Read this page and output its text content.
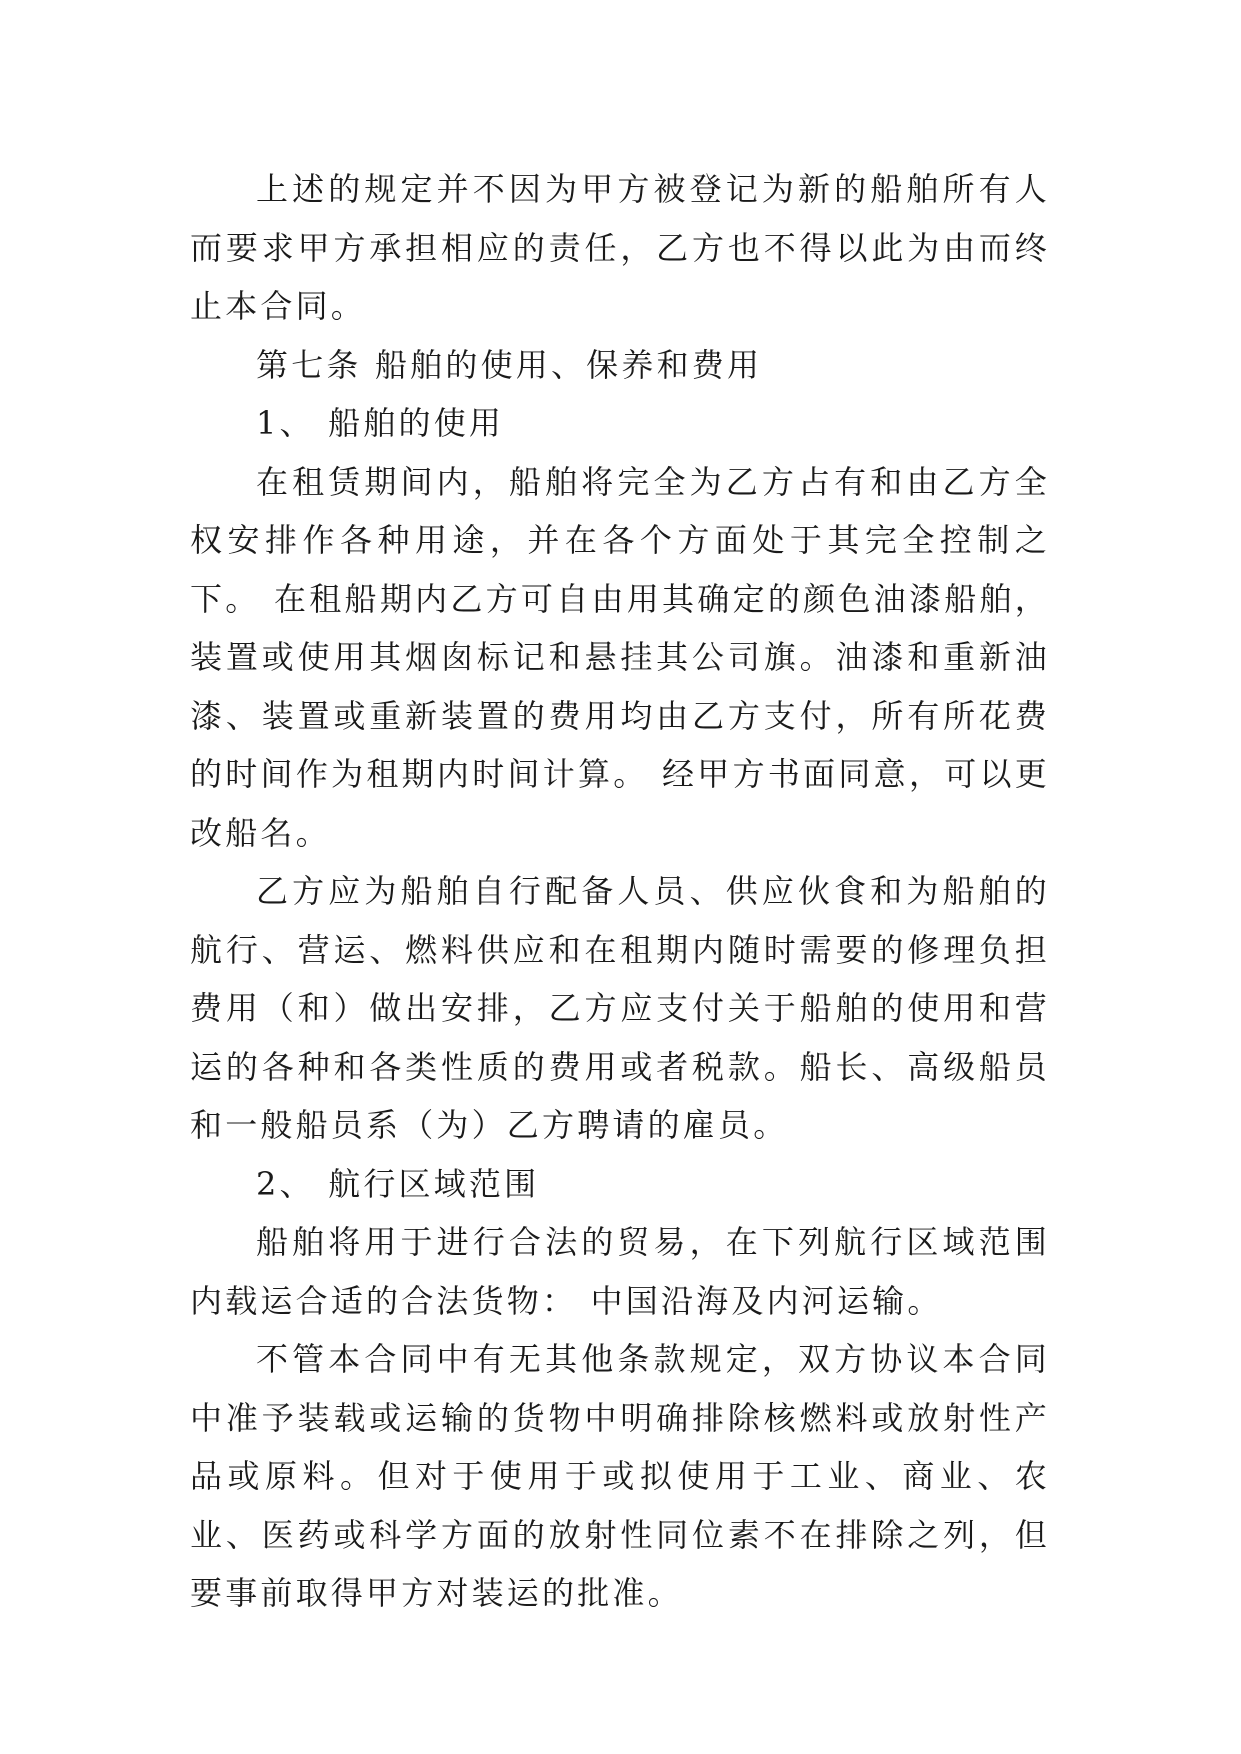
上述的规定并不因为甲方被登记为新的船舶所有人而要求甲方承担相应的责任，乙方也不得以此为由而终止本合同。

第七条 船舶的使用、保养和费用

1、 船舶的使用

在租赁期间内，船舶将完全为乙方占有和由乙方全权安排作各种用途，并在各个方面处于其完全控制之下。 在租船期内乙方可自由用其确定的颜色油漆船舶，装置或使用其烟囱标记和悬挂其公司旗。油漆和重新油漆、装置或重新装置的费用均由乙方支付，所有所花费的时间作为租期内时间计算。 经甲方书面同意，可以更改船名。

乙方应为船舶自行配备人员、供应伙食和为船舶的航行、营运、燃料供应和在租期内随时需要的修理负担费用（和）做出安排，乙方应支付关于船舶的使用和营运的各种和各类性质的费用或者税款。船长、高级船员和一般船员系（为）乙方聘请的雇员。

2、 航行区域范围

船舶将用于进行合法的贸易，在下列航行区域范围内载运合适的合法货物： 中国沿海及内河运输。

不管本合同中有无其他条款规定，双方协议本合同中准予装载或运输的货物中明确排除核燃料或放射性产品或原料。但对于使用于或拟使用于工业、商业、农业、医药或科学方面的放射性同位素不在排除之列，但要事前取得甲方对装运的批准。
